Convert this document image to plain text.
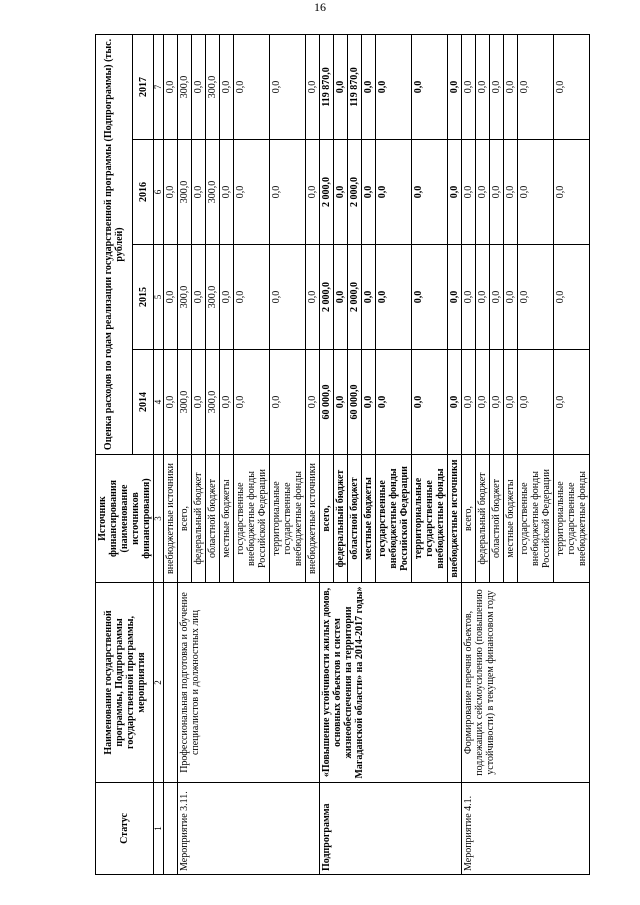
16
Статус	Наименование государственной программы, Подпрограммы государственной программы, мероприятия	Источник финансирования (наименование источников финансирования)	Оценка расходов по годам реализации государственной программы (Подпрограммы) (тыс. рублей)			
			2014	2015	2016	2017
1	2	3	4	5	6	7
		внебюджетные источники	0,0	0,0	0,0	0,0
Мероприятие 3.11.	Профессиональная подготовка и обучение специалистов и должностных лиц	всего,	300,0	300,0	300,0	300,0
		федеральный бюджет	0,0	0,0	0,0	0,0
		областной бюджет	300,0	300,0	300,0	300,0
		местные бюджеты	0,0	0,0	0,0	0,0
		государственные внебюджетные фонды Российской Федерации	0,0	0,0	0,0	0,0
		территориальные государственные внебюджетные фонды	0,0	0,0	0,0	0,0
		внебюджетные источники	0,0	0,0	0,0	0,0
Подпрограмма	«Повышение устойчивости жилых домов, основных объектов и систем жизнеобеспечения на территории Магаданской области» на 2014-2017 годы»	всего,	60 000,0	2 000,0	2 000,0	119 870,0
		федеральный бюджет	0,0	0,0	0,0	0,0
		областной бюджет	60 000,0	2 000,0	2 000,0	119 870,0
		местные бюджеты	0,0	0,0	0,0	0,0
		государственные внебюджетные фонды Российской Федерации	0,0	0,0	0,0	0,0
		территориальные государственные внебюджетные фонды	0,0	0,0	0,0	0,0
		внебюджетные источники	0,0	0,0	0,0	0,0
Мероприятие 4.1.	Формирование перечня объектов, подлежащих сейсмоусилению (повышению устойчивости) в текущем финансовом году	всего,	0,0	0,0	0,0	0,0
		федеральный бюджет	0,0	0,0	0,0	0,0
		областной бюджет	0,0	0,0	0,0	0,0
		местные бюджеты	0,0	0,0	0,0	0,0
		государственные внебюджетные фонды Российской Федерации	0,0	0,0	0,0	0,0
		территориальные государственные внебюджетные фонды	0,0	0,0	0,0	0,0
